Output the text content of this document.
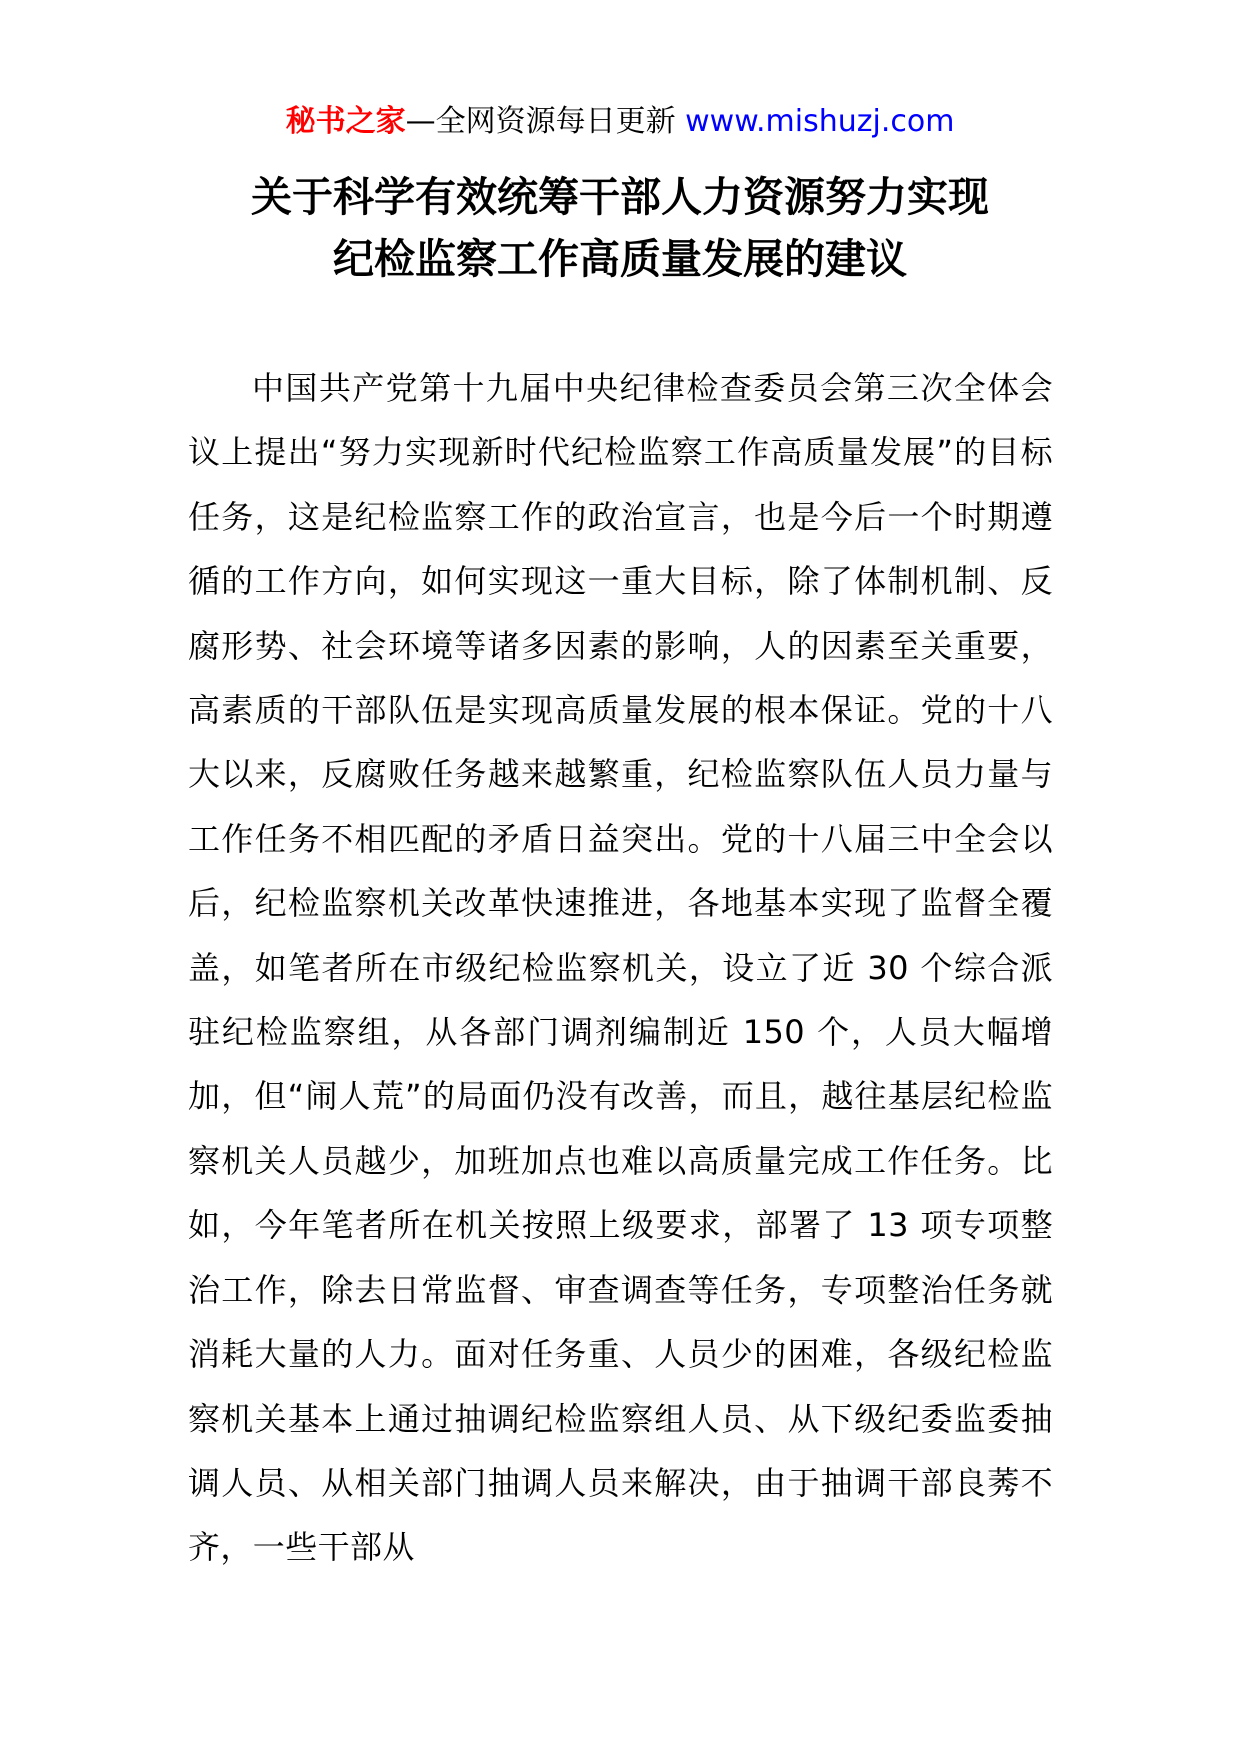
秘书之家—全网资源每日更新 www.mishuzj.com
关于科学有效统筹干部人力资源努力实现
纪检监察工作高质量发展的建议
中国共产党第十九届中央纪律检查委员会第三次全体会议上提出“努力实现新时代纪检监察工作高质量发展”的目标任务，这是纪检监察工作的政治宣言，也是今后一个时期遵循的工作方向，如何实现这一重大目标，除了体制机制、反腐形势、社会环境等诸多因素的影响，人的因素至关重要，高素质的干部队伍是实现高质量发展的根本保证。党的十八大以来，反腐败任务越来越繁重，纪检监察队伍人员力量与工作任务不相匹配的矛盾日益突出。党的十八届三中全会以后，纪检监察机关改革快速推进，各地基本实现了监督全覆盖，如笔者所在市级纪检监察机关，设立了近 30 个综合派驻纪检监察组，从各部门调剂编制近 150 个，人员大幅增加，但“闹人荒”的局面仍没有改善，而且，越往基层纪检监察机关人员越少，加班加点也难以高质量完成工作任务。比如，今年笔者所在机关按照上级要求，部署了 13 项专项整治工作，除去日常监督、审查调查等任务，专项整治任务就消耗大量的人力。面对任务重、人员少的困难，各级纪检监察机关基本上通过抽调纪检监察组人员、从下级纪委监委抽调人员、从相关部门抽调人员来解决，由于抽调干部良莠不齐，一些干部从
